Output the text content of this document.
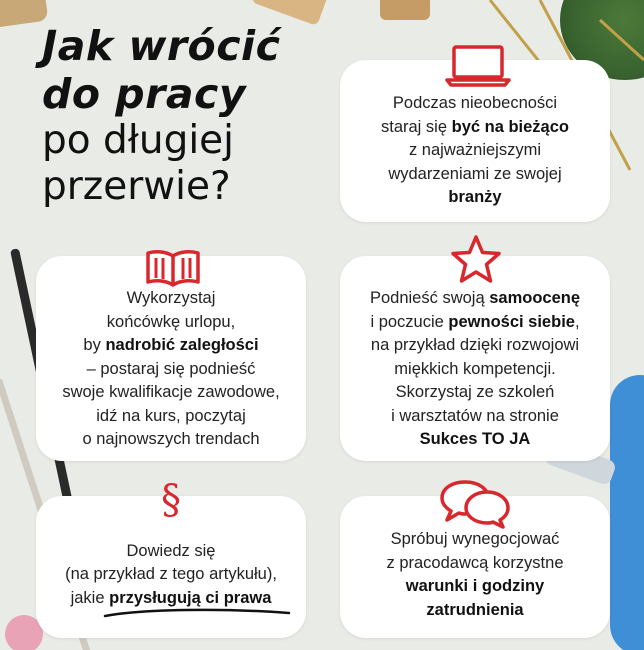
Jak wrócić
do pracy
po długiej
przerwie?
Podczas nieobecności
staraj się być na bieżąco
z najważniejszymi
wydarzeniami ze swojej
branży
Wykorzystaj
końcówkę urlopu,
by nadrobić zaległości
– postaraj się podnieść
swoje kwalifikacje zawodowe,
idź na kurs, poczytaj
o najnowszych trendach
Podnieść swoją samoocenę
i poczucie pewności siebie,
na przykład dzięki rozwojowi
miękkich kompetencji.
Skorzystaj ze szkoleń
i warsztatów na stronie
Sukces TO JA
Dowiedz się
(na przykład z tego artykułu),
jakie przysługują ci prawa
§
Spróbuj wynegocjować
z pracodawcą korzystne
warunki i godziny
zatrudnienia
